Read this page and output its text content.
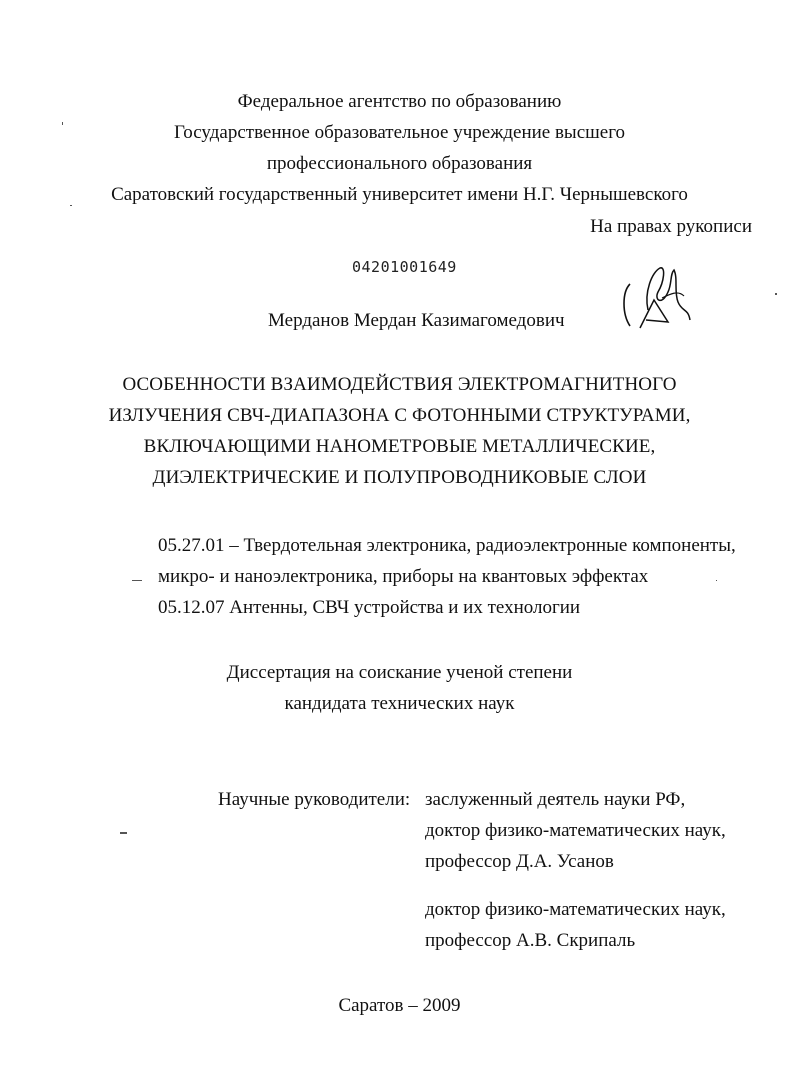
Федеральное агентство по образованию
Государственное образовательное учреждение высшего
профессионального образования
Саратовский государственный университет имени Н.Г. Чернышевского
На правах рукописи
04201001649
Мерданов Мердан Казимагомедович
ОСОБЕННОСТИ ВЗАИМОДЕЙСТВИЯ ЭЛЕКТРОМАГНИТНОГО
ИЗЛУЧЕНИЯ СВЧ-ДИАПАЗОНА С ФОТОННЫМИ СТРУКТУРАМИ,
ВКЛЮЧАЮЩИМИ НАНОМЕТРОВЫЕ МЕТАЛЛИЧЕСКИЕ,
ДИЭЛЕКТРИЧЕСКИЕ И ПОЛУПРОВОДНИКОВЫЕ СЛОИ
05.27.01 – Твердотельная электроника, радиоэлектронные компоненты,
микро- и наноэлектроника, приборы на квантовых эффектах
05.12.07 Антенны, СВЧ устройства и их технологии
Диссертация на соискание ученой степени
кандидата технических наук
Научные руководители: заслуженный деятель науки РФ,
доктор физико-математических наук,
профессор Д.А. Усанов
доктор физико-математических наук,
профессор А.В. Скрипаль
Саратов – 2009
